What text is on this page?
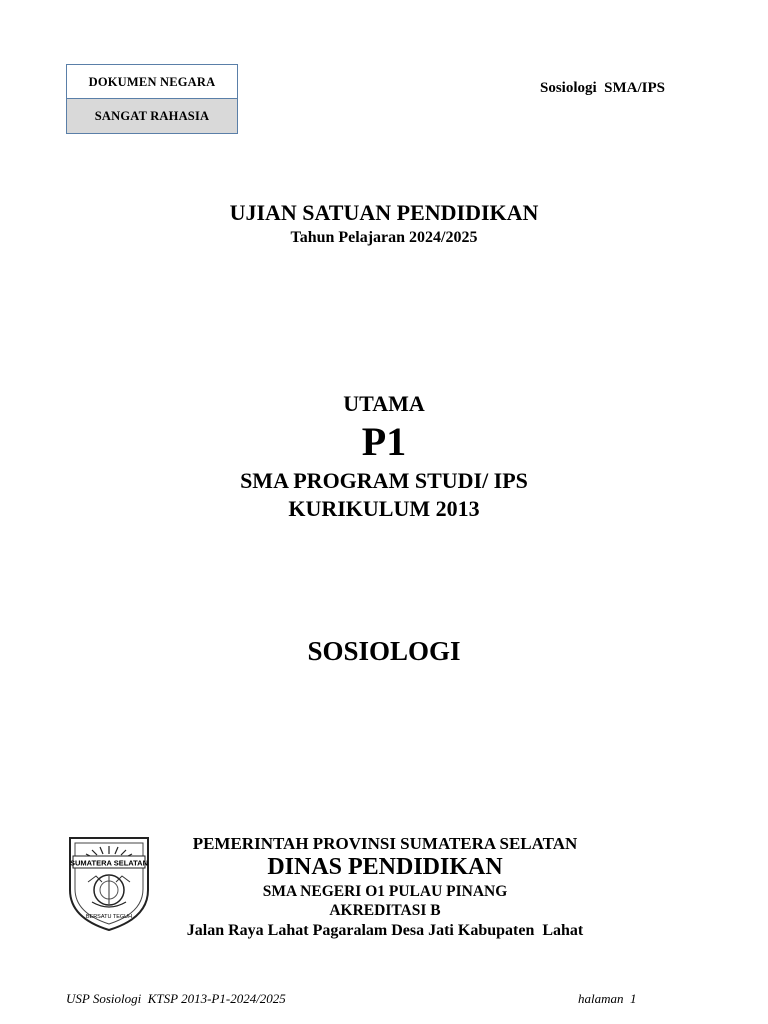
DOKUMEN NEGARA
SANGAT RAHASIA
Sosiologi  SMA/IPS
UJIAN SATUAN PENDIDIKAN
Tahun Pelajaran 2024/2025
UTAMA
P1
SMA PROGRAM STUDI/ IPS
KURIKULUM 2013
SOSIOLOGI
SUMATERA SELATAN
BERSATU TEGUH
PEMERINTAH PROVINSI SUMATERA SELATAN
DINAS PENDIDIKAN
SMA NEGERI O1 PULAU PINANG
AKREDITASI B
Jalan Raya Lahat Pagaralam Desa Jati Kabupaten  Lahat
USP Sosiologi  KTSP 2013-P1-2024/2025	halaman  1
